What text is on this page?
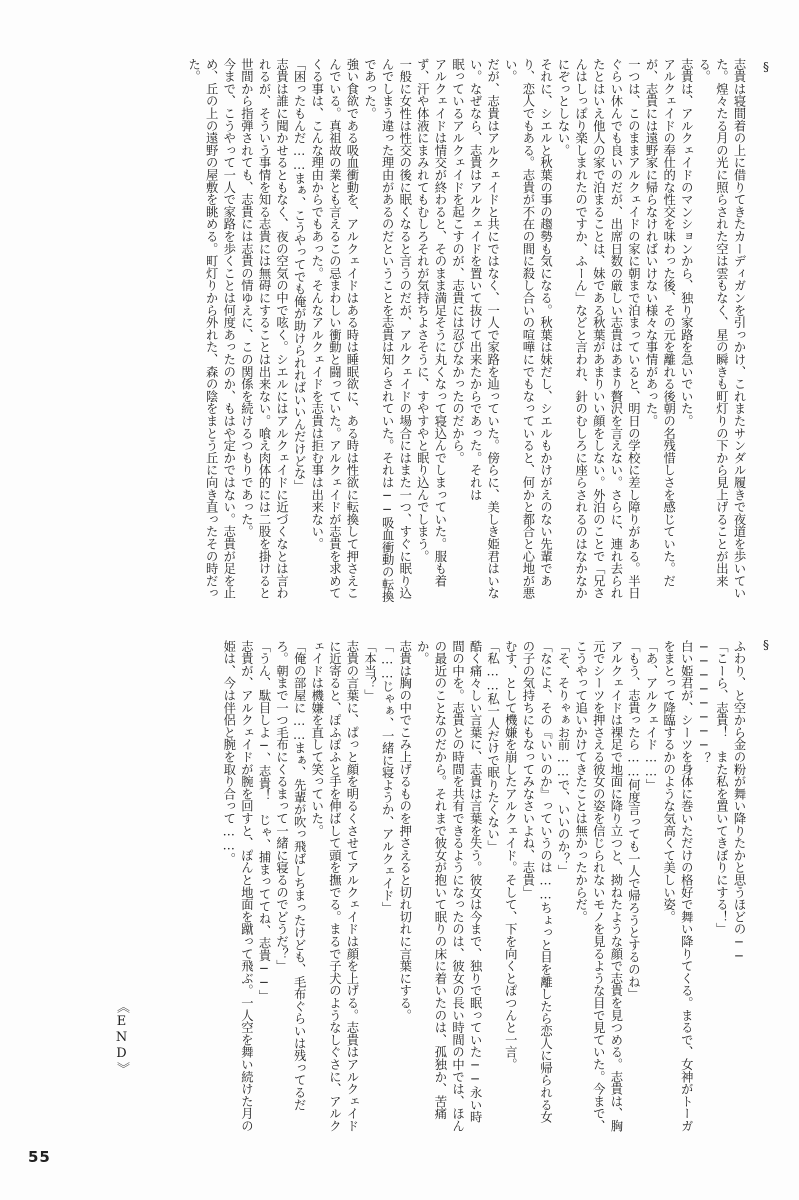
§
§

志貴は寝間着の上に借りてきたカーディガンを引っかけ、これまたサンダル履きで夜道を歩いていた。煌々たる月の光に照らされた空は雲もなく、星の瞬きも町灯りの下から見上げることが出来る。

志貴は、アルクェイドのマンションから、独り家路を急いでいた。

アルクェイドの奉仕的な性交を味わった後、その元を離れる後朝の名残惜しさを感じていた。だが、志貴には遠野家に帰らなければいけない様々な事情があった。

一つは、このままアルクェイドの家に朝まで泊まっていると、明日の学校に差し障りがある。半日ぐらい休んでも良いのだが、出席日数の厳しい志貴はあまり贅沢を言えない。さらに、連れ去られたとはいえ他人の家で泊まることは、妹である秋葉があまりいい顔をしない。外泊のことで「兄さんはしっぽり楽しまれたのですか、ふーん」などと言われ、針のむしろに座らされるのはなかなかにぞっとしない。

それに、シエルと秋葉の事の趨勢も気になる。秋葉は妹だし、シエルもかけがえのない先輩であり、恋人でもある。志貴が不在の間に殺し合いの喧嘩にでもなっていると、何かと都合と心地が悪い。

だが、志貴はアルクェイドと共にではなく、一人で家路を辿っていた。傍らに、美しき姫君はいない。なぜなら、志貴はアルクェイドを置いて抜けて出来たからであった。それは

眠っているアルクェイドを起こすのが、志貴には忍びなかったのだから。

アルクェイドは情交が終わると、そのまま満足そうに丸くなって寝込んでしまっていた。服も着ず、汗や体液にまみれてもむしろそれが気持ちよさそうに、すやすやと眠り込んでしまう。

一般に女性は性交の後に眠くなると言うのだが、アルクェイドの場合にはまた一つ、すぐに眠り込んでしまう違った理由があるのだということを志貴は知らされていた。それは──吸血衝動の転換であった。

強い食欲である吸血衝動を、アルクェイドはある時は睡眠欲に、ある時は性欲に転換して押さえこんでいる。真祖故の業とも言えるこの忌まわしい衝動と闘っていた。アルクェイドが志貴を求めてくる事は、こんな理由からでもあった。そんなアルクェイドを志貴は拒む事は出来ない。

「困ったもんだ……まぁ、こうやってでも俺が助けられればいいんだけどな」

志貴は誰に聞かせるともなく、夜の空気の中で呟く。シエルにはアルクェイドに近づくなとは言われるが、そういう事情を知る志貴には無碍にすることは出来ない。喰え肉体的には二股を掛けると世間から指弾されても、志貴には志貴の情ゆえに、この関係を続けるつもりであった。

今まで、こうやって一人で家路を歩くことは何度あったのか、もはや定かではない。志貴が足を止め、丘の上の遠野の屋敷を眺める。町灯りから外れた、森の陰をまとう丘に向き直ったその時だった。

ふわり、と空から金の粉が舞い降りたかと思うほどの──

「こーら、志貴！　また私を置いてきぼりにする！」

────────？

白い姫君が、シーツを身体に巻いただけの格好で舞い降りてくる。まるで、女神がトーガをまとって降臨するかのような気高くて美しい姿。

「あ、アルクェイド……」

「もう、志貴ったら……何度言っても一人で帰ろうとするのね」

アルクェイドは裸足で地面に降り立つと、拗ねたような顔で志貴を見つめる。志貴は、胸元でシーツを押さえる彼女の姿を信じられないモノを見るような目で見ていた。今まで、こうやって追いかけてきたことは無かったからだ。

「そ、そりゃぁお前……で、いいのか？」

「なによ、その『いいのか』っていうのは……ちょっと目を離したら恋人に帰られる女の子の気持ちにもなってみなさいよね、志貴」

むす、として機嫌を崩したアルクェイド。そして、下を向くとぽつんと一言。

「私……私一人だけで眠りたくない」

酷く痛々しい言葉に、志貴は言葉を失う。彼女は今まで、独りで眠っていた──永い時間の中を。志貴との時間を共有できるようになったのは、彼女の長い時間の中では、ほんの最近のことなのだから。それまで彼女が抱いて眠りの床に着いたのは、孤独か、苦痛か。

志貴は胸の中でこみ上げるものを押さえると切れ切れに言葉にする。

「……じゃぁ、一緒に寝ようか、アルクェイド」

「本当？」

志貴の言葉に、ぱっと顔を明るくさせてアルクェイドは顔を上げる。志貴はアルクェイドに近寄ると、ぽふぽふと手を伸ばして頭を撫でる。まるで子犬のようなしぐさに、アルクェイドは機嫌を直して笑っていた。

「俺の部屋に……まぁ、先輩が吹っ飛ばしちまったけども、毛布ぐらいは残ってるだろ。朝まで一つ毛布にくるまって一緒に寝るのでどうだ？」

「うん、駄目しよ─、志貴！　じゃ、捕まっててね、志貴──」

志貴が、アルクェイドが腕を回すと、ぽんと地面を蹴って飛ぶ。一人空を舞い続けた月の姫は、今は伴侶と腕を取り合って……。

《END》
55
